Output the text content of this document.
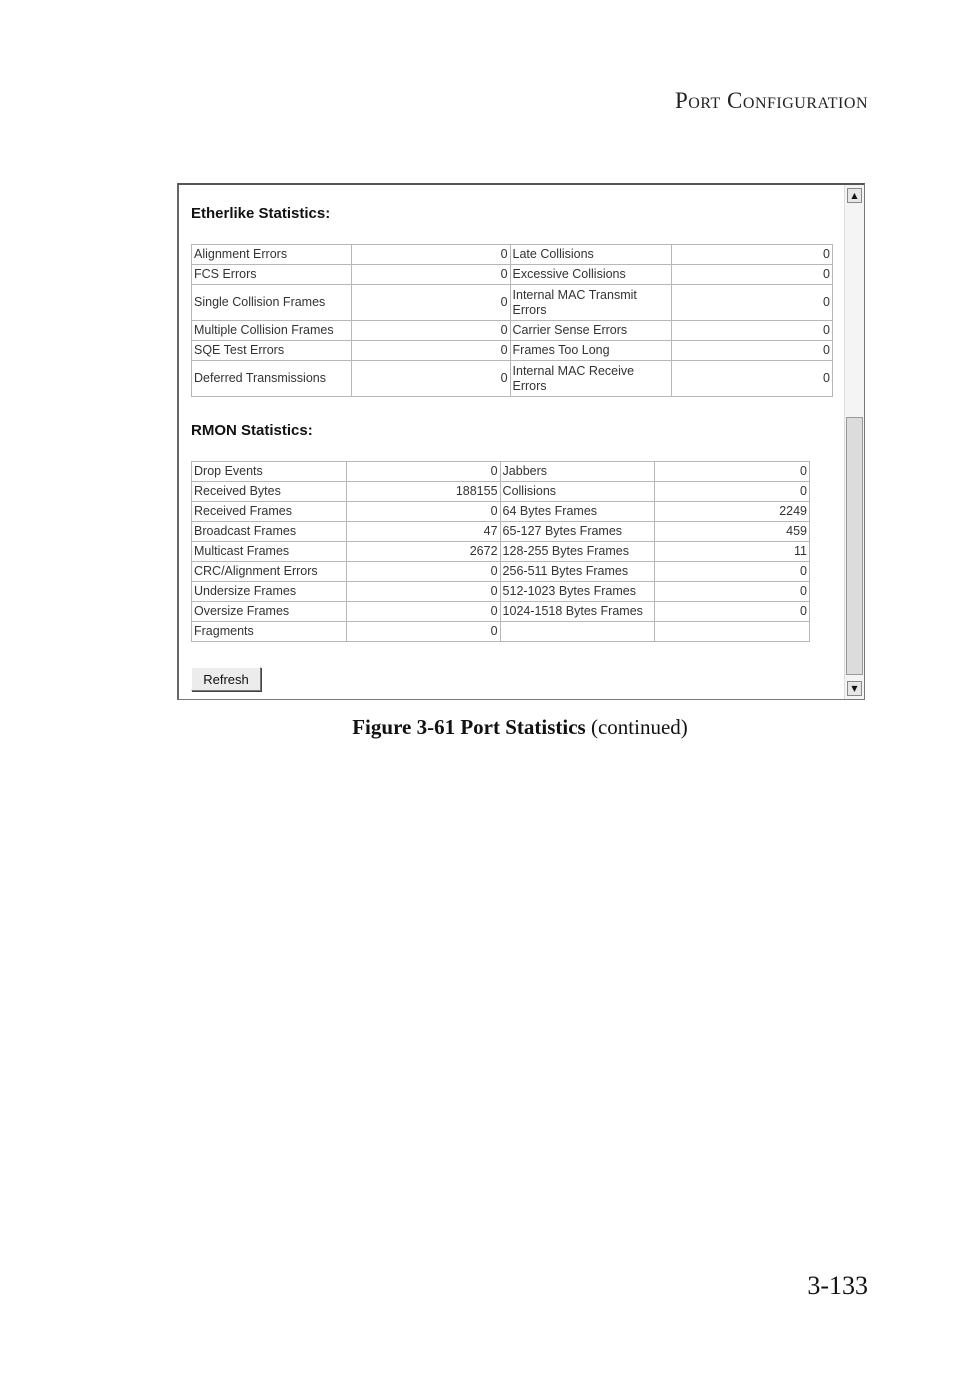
Port Configuration
Etherlike Statistics:
Alignment Errors	0	Late Collisions	0
FCS Errors	0	Excessive Collisions	0
Single Collision Frames	0	Internal MAC Transmit Errors	0
Multiple Collision Frames	0	Carrier Sense Errors	0
SQE Test Errors	0	Frames Too Long	0
Deferred Transmissions	0	Internal MAC Receive Errors	0
RMON Statistics:
Drop Events	0	Jabbers	0
Received Bytes	188155	Collisions	0
Received Frames	0	64 Bytes Frames	2249
Broadcast Frames	47	65-127 Bytes Frames	459
Multicast Frames	2672	128-255 Bytes Frames	11
CRC/Alignment Errors	0	256-511 Bytes Frames	0
Undersize Frames	0	512-1023 Bytes Frames	0
Oversize Frames	0	1024-1518 Bytes Frames	0
Fragments	0		
Refresh
▲
▼
Figure 3-61 Port Statistics (continued)
3-133
